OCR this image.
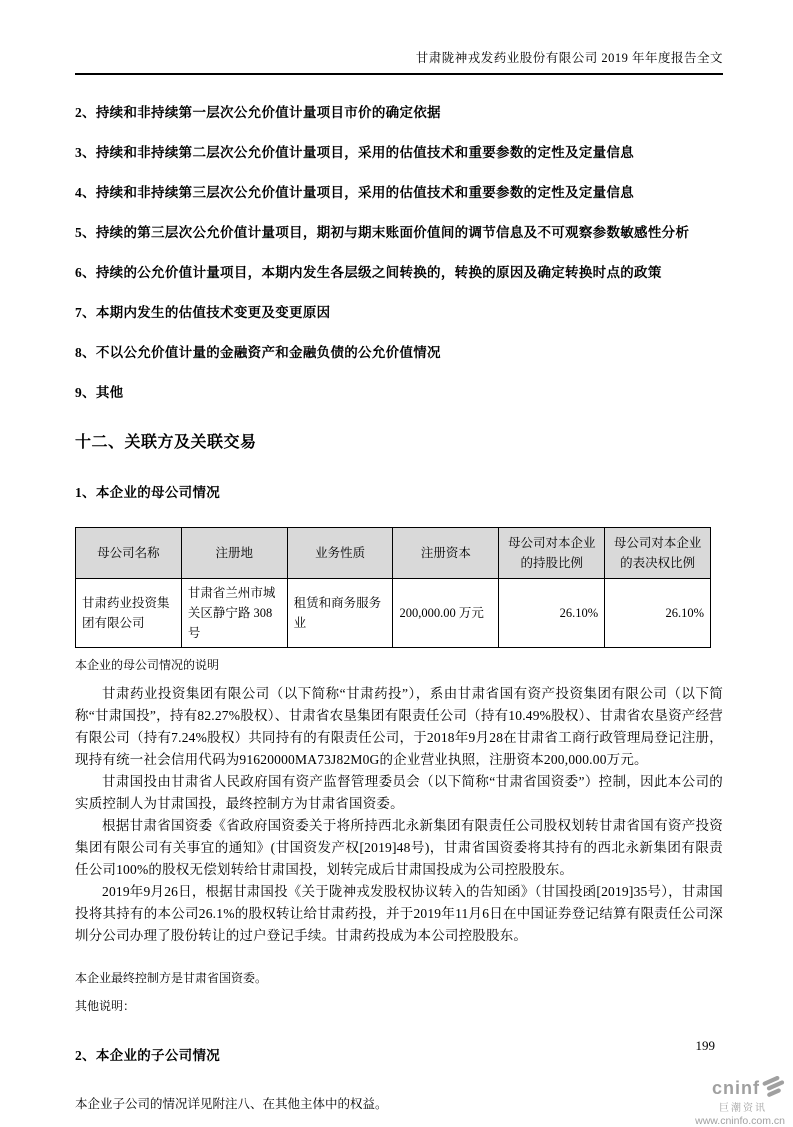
甘肃陇神戎发药业股份有限公司 2019 年年度报告全文
2、持续和非持续第一层次公允价值计量项目市价的确定依据
3、持续和非持续第二层次公允价值计量项目，采用的估值技术和重要参数的定性及定量信息
4、持续和非持续第三层次公允价值计量项目，采用的估值技术和重要参数的定性及定量信息
5、持续的第三层次公允价值计量项目，期初与期末账面价值间的调节信息及不可观察参数敏感性分析
6、持续的公允价值计量项目，本期内发生各层级之间转换的，转换的原因及确定转换时点的政策
7、本期内发生的估值技术变更及变更原因
8、不以公允价值计量的金融资产和金融负债的公允价值情况
9、其他
十二、关联方及关联交易
1、本企业的母公司情况
母公司名称	注册地	业务性质	注册资本	母公司对本企业的持股比例	母公司对本企业的表决权比例
甘肃药业投资集团有限公司	甘肃省兰州市城关区静宁路 308 号	租赁和商务服务业	200,000.00 万元	26.10%	26.10%
本企业的母公司情况的说明

甘肃药业投资集团有限公司（以下简称“甘肃药投”），系由甘肃省国有资产投资集团有限公司（以下简称“甘肃国投”，持有82.27%股权）、甘肃省农垦集团有限责任公司（持有10.49%股权）、甘肃省农垦资产经营有限公司（持有7.24%股权）共同持有的有限责任公司，于2018年9月28在甘肃省工商行政管理局登记注册，现持有统一社会信用代码为91620000MA73J82M0G的企业营业执照，注册资本200,000.00万元。

甘肃国投由甘肃省人民政府国有资产监督管理委员会（以下简称“甘肃省国资委”）控制，因此本公司的实质控制人为甘肃国投，最终控制方为甘肃省国资委。

根据甘肃省国资委《省政府国资委关于将所持西北永新集团有限责任公司股权划转甘肃省国有资产投资集团有限公司有关事宜的通知》(甘国资发产权[2019]48号)，甘肃省国资委将其持有的西北永新集团有限责任公司100%的股权无偿划转给甘肃国投，划转完成后甘肃国投成为公司控股股东。

2019年9月26日，根据甘肃国投《关于陇神戎发股权协议转入的告知函》（甘国投函[2019]35号），甘肃国投将其持有的本公司26.1%的股权转让给甘肃药投，并于2019年11月6日在中国证券登记结算有限责任公司深圳分公司办理了股份转让的过户登记手续。甘肃药投成为本公司控股股东。

本企业最终控制方是甘肃省国资委。
其他说明：
2、本企业的子公司情况
本企业子公司的情况详见附注八、在其他主体中的权益。
199
cninf
巨潮资讯
www.cninfo.com.cn
